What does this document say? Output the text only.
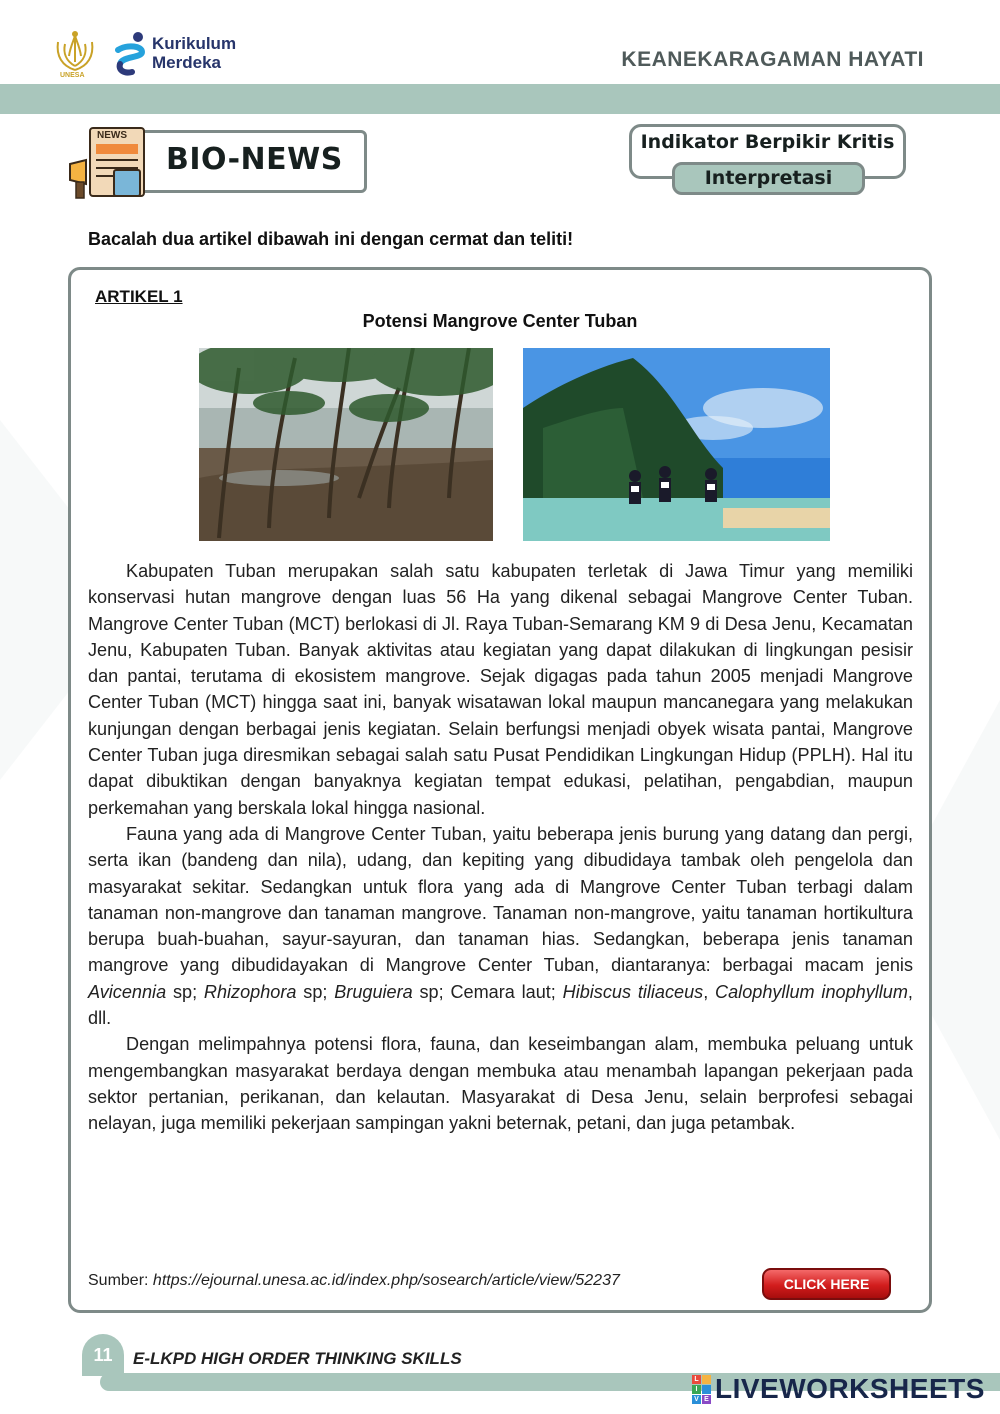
UNESA
Kurikulum
Merdeka	KEANEKARAGAMAN HAYATI
NEWS
BIO-NEWS	Indikator Berpikir Kritis
Interpretasi
Bacalah dua artikel dibawah ini dengan cermat dan teliti!
ARTIKEL 1
Potensi Mangrove Center Tuban

Kabupaten Tuban merupakan salah satu kabupaten terletak di Jawa Timur yang memiliki konservasi hutan mangrove dengan luas 56 Ha yang dikenal sebagai Mangrove Center Tuban. Mangrove Center Tuban (MCT) berlokasi di Jl. Raya Tuban-Semarang KM 9 di Desa Jenu, Kecamatan Jenu, Kabupaten Tuban. Banyak aktivitas atau kegiatan yang dapat dilakukan di lingkungan pesisir dan pantai, terutama di ekosistem mangrove. Sejak digagas pada tahun 2005 menjadi Mangrove Center Tuban (MCT) hingga saat ini, banyak wisatawan lokal maupun mancanegara yang melakukan kunjungan dengan berbagai jenis kegiatan. Selain berfungsi menjadi obyek wisata pantai, Mangrove Center Tuban juga diresmikan sebagai salah satu Pusat Pendidikan Lingkungan Hidup (PPLH). Hal itu dapat dibuktikan dengan banyaknya kegiatan tempat edukasi, pelatihan, pengabdian, maupun perkemahan yang berskala lokal hingga nasional.

Fauna yang ada di Mangrove Center Tuban, yaitu beberapa jenis burung yang datang dan pergi, serta ikan (bandeng dan nila), udang, dan kepiting yang dibudidaya tambak oleh pengelola dan masyarakat sekitar. Sedangkan untuk flora yang ada di Mangrove Center Tuban terbagi dalam tanaman non-mangrove dan tanaman mangrove. Tanaman non-mangrove, yaitu tanaman hortikultura berupa buah-buahan, sayur-sayuran, dan tanaman hias. Sedangkan, beberapa jenis tanaman mangrove yang dibudidayakan di Mangrove Center Tuban, diantaranya: berbagai macam jenis Avicennia sp; Rhizophora sp; Bruguiera sp; Cemara laut; Hibiscus tiliaceus, Calophyllum inophyllum, dll.

Dengan melimpahnya potensi flora, fauna, dan keseimbangan alam, membuka peluang untuk mengembangkan masyarakat berdaya dengan membuka atau menambah lapangan pekerjaan pada sektor pertanian, perikanan, dan kelautan. Masyarakat di Desa Jenu, selain berprofesi sebagai nelayan, juga memiliki pekerjaan sampingan yakni beternak, petani, dan juga petambak.

Sumber: https://ejournal.unesa.ac.id/index.php/sosearch/article/view/52237	CLICK HERE
11	E-LKPD HIGH ORDER THINKING SKILLS
L
I
V E LIVEWORKSHEETS
